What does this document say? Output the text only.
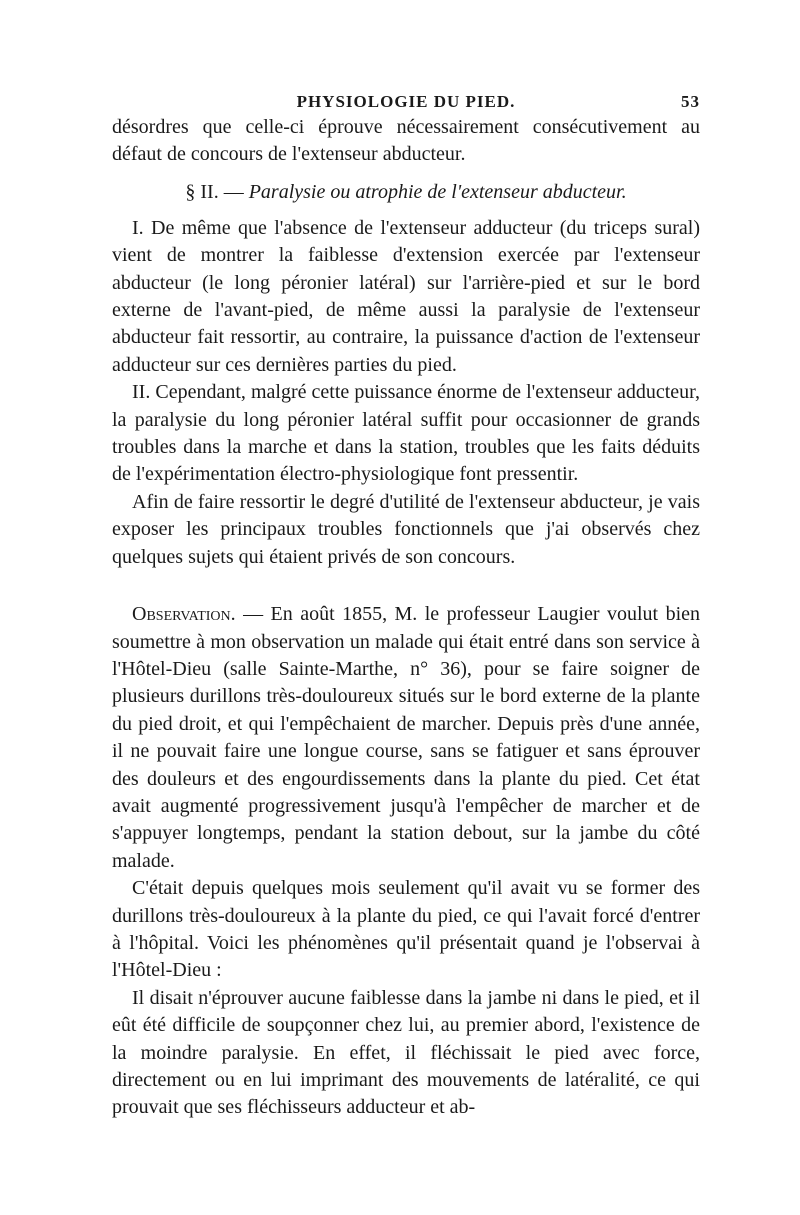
PHYSIOLOGIE DU PIED.	53

désordres que celle-ci éprouve nécessairement consécutivement au défaut de concours de l'extenseur abducteur.

§ II. — Paralysie ou atrophie de l'extenseur abducteur.

I. De même que l'absence de l'extenseur adducteur (du triceps sural) vient de montrer la faiblesse d'extension exercée par l'extenseur abducteur (le long péronier latéral) sur l'arrière-pied et sur le bord externe de l'avant-pied, de même aussi la paralysie de l'extenseur abducteur fait ressortir, au contraire, la puissance d'action de l'extenseur adducteur sur ces dernières parties du pied.

II. Cependant, malgré cette puissance énorme de l'extenseur adducteur, la paralysie du long péronier latéral suffit pour occasionner de grands troubles dans la marche et dans la station, troubles que les faits déduits de l'expérimentation électro-physiologique font pressentir.

Afin de faire ressortir le degré d'utilité de l'extenseur abducteur, je vais exposer les principaux troubles fonctionnels que j'ai observés chez quelques sujets qui étaient privés de son concours.

Observation. — En août 1855, M. le professeur Laugier voulut bien soumettre à mon observation un malade qui était entré dans son service à l'Hôtel-Dieu (salle Sainte-Marthe, n° 36), pour se faire soigner de plusieurs durillons très-douloureux situés sur le bord externe de la plante du pied droit, et qui l'empêchaient de marcher. Depuis près d'une année, il ne pouvait faire une longue course, sans se fatiguer et sans éprouver des douleurs et des engourdissements dans la plante du pied. Cet état avait augmenté progressivement jusqu'à l'empêcher de marcher et de s'appuyer longtemps, pendant la station debout, sur la jambe du côté malade.

C'était depuis quelques mois seulement qu'il avait vu se former des durillons très-douloureux à la plante du pied, ce qui l'avait forcé d'entrer à l'hôpital. Voici les phénomènes qu'il présentait quand je l'observai à l'Hôtel-Dieu :

Il disait n'éprouver aucune faiblesse dans la jambe ni dans le pied, et il eût été difficile de soupçonner chez lui, au premier abord, l'existence de la moindre paralysie. En effet, il fléchissait le pied avec force, directement ou en lui imprimant des mouvements de latéralité, ce qui prouvait que ses fléchisseurs adducteur et ab-
